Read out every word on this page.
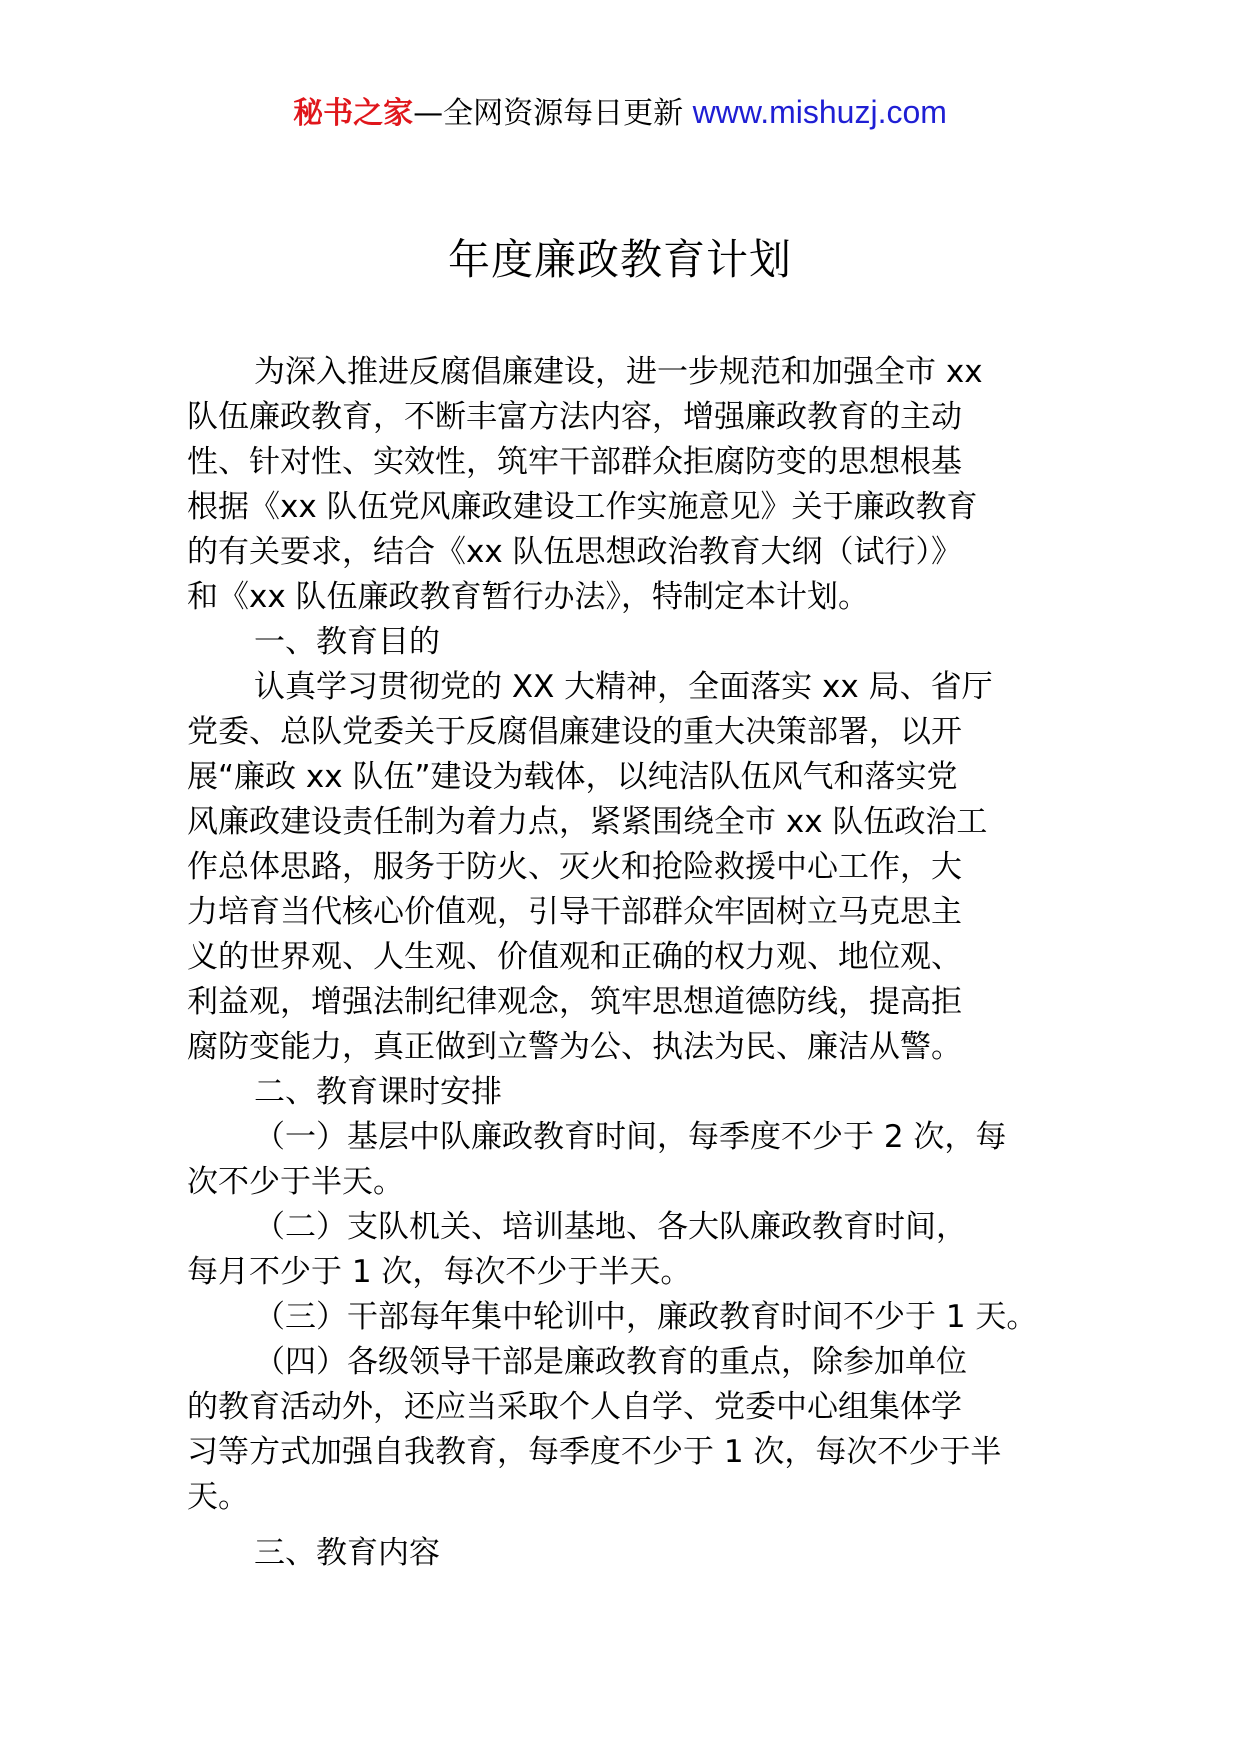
秘书之家—全网资源每日更新 www.mishuzj.com
年度廉政教育计划
为深入推进反腐倡廉建设，进一步规范和加强全市 xx
队伍廉政教育，不断丰富方法内容，增强廉政教育的主动
性、针对性、实效性，筑牢干部群众拒腐防变的思想根基
根据《xx 队伍党风廉政建设工作实施意见》关于廉政教育
的有关要求，结合《xx 队伍思想政治教育大纲（试行）》
和《xx 队伍廉政教育暂行办法》，特制定本计划。
一、教育目的
认真学习贯彻党的 XX 大精神，全面落实 xx 局、省厅
党委、总队党委关于反腐倡廉建设的重大决策部署，以开
展“廉政 xx 队伍”建设为载体，以纯洁队伍风气和落实党
风廉政建设责任制为着力点，紧紧围绕全市 xx 队伍政治工
作总体思路，服务于防火、灭火和抢险救援中心工作，大
力培育当代核心价值观，引导干部群众牢固树立马克思主
义的世界观、人生观、价值观和正确的权力观、地位观、
利益观，增强法制纪律观念，筑牢思想道德防线，提高拒
腐防变能力，真正做到立警为公、执法为民、廉洁从警。
二、教育课时安排
（一）基层中队廉政教育时间，每季度不少于 2 次，每
次不少于半天。
（二）支队机关、培训基地、各大队廉政教育时间，
每月不少于 1 次，每次不少于半天。
（三）干部每年集中轮训中，廉政教育时间不少于 1 天。
（四）各级领导干部是廉政教育的重点，除参加单位
的教育活动外，还应当采取个人自学、党委中心组集体学
习等方式加强自我教育，每季度不少于 1 次，每次不少于半
天。
三、教育内容
